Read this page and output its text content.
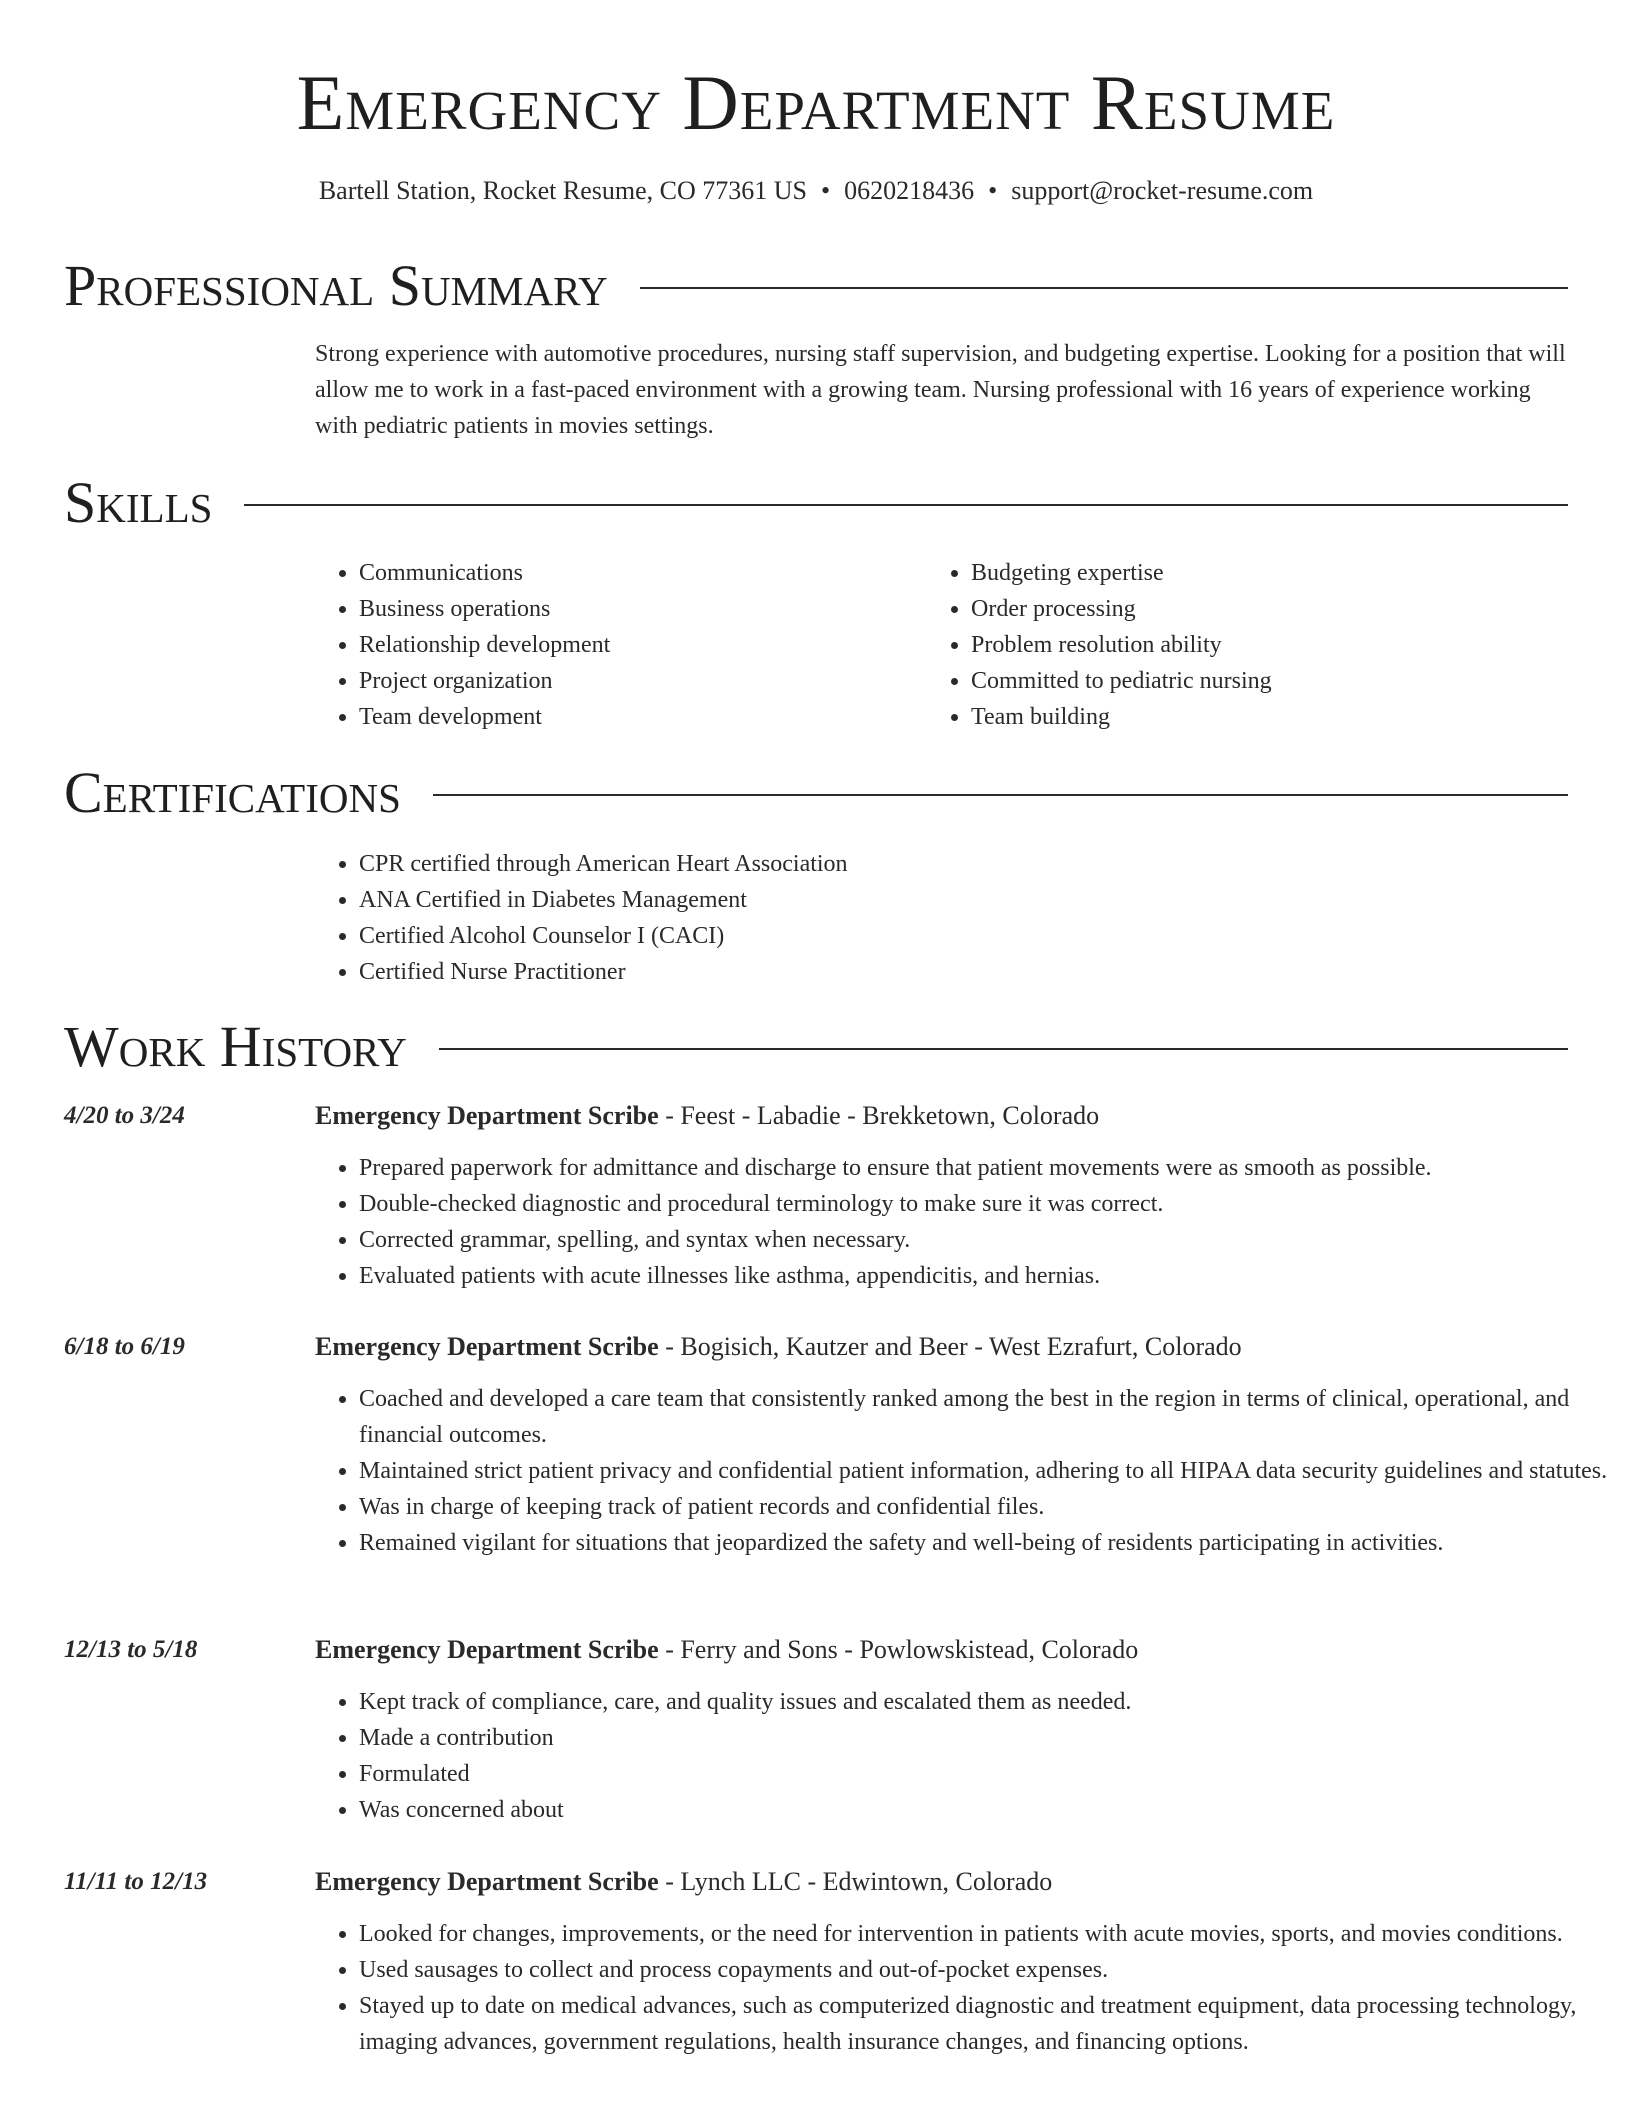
Emergency Department Resume
Bartell Station, Rocket Resume, CO 77361 US • 0620218436 • support@rocket-resume.com
Professional Summary

Strong experience with automotive procedures, nursing staff supervision, and budgeting expertise. Looking for a position that will allow me to work in a fast-paced environment with a growing team. Nursing professional with 16 years of experience working with pediatric patients in movies settings.

Skills
• Communications
• Business operations
• Relationship development
• Project organization
• Team development
• Budgeting expertise
• Order processing
• Problem resolution ability
• Committed to pediatric nursing
• Team building
Certifications
• CPR certified through American Heart Association
• ANA Certified in Diabetes Management
• Certified Alcohol Counselor I (CACI)
• Certified Nurse Practitioner
Work History
4/20 to 3/24	Emergency Department Scribe - Feest - Labadie - Brekketown, Colorado
• Prepared paperwork for admittance and discharge to ensure that patient movements were as smooth as possible.
• Double-checked diagnostic and procedural terminology to make sure it was correct.
• Corrected grammar, spelling, and syntax when necessary.
• Evaluated patients with acute illnesses like asthma, appendicitis, and hernias.
6/18 to 6/19	Emergency Department Scribe - Bogisich, Kautzer and Beer - West Ezrafurt, Colorado
• Coached and developed a care team that consistently ranked among the best in the region in terms of clinical, operational, and financial outcomes.
• Maintained strict patient privacy and confidential patient information, adhering to all HIPAA data security guidelines and statutes.
• Was in charge of keeping track of patient records and confidential files.
• Remained vigilant for situations that jeopardized the safety and well-being of residents participating in activities.
12/13 to 5/18	Emergency Department Scribe - Ferry and Sons - Powlowskistead, Colorado
• Kept track of compliance, care, and quality issues and escalated them as needed.
• Made a contribution
• Formulated
• Was concerned about
11/11 to 12/13	Emergency Department Scribe - Lynch LLC - Edwintown, Colorado
• Looked for changes, improvements, or the need for intervention in patients with acute movies, sports, and movies conditions.
• Used sausages to collect and process copayments and out-of-pocket expenses.
• Stayed up to date on medical advances, such as computerized diagnostic and treatment equipment, data processing technology, imaging advances, government regulations, health insurance changes, and financing options.
